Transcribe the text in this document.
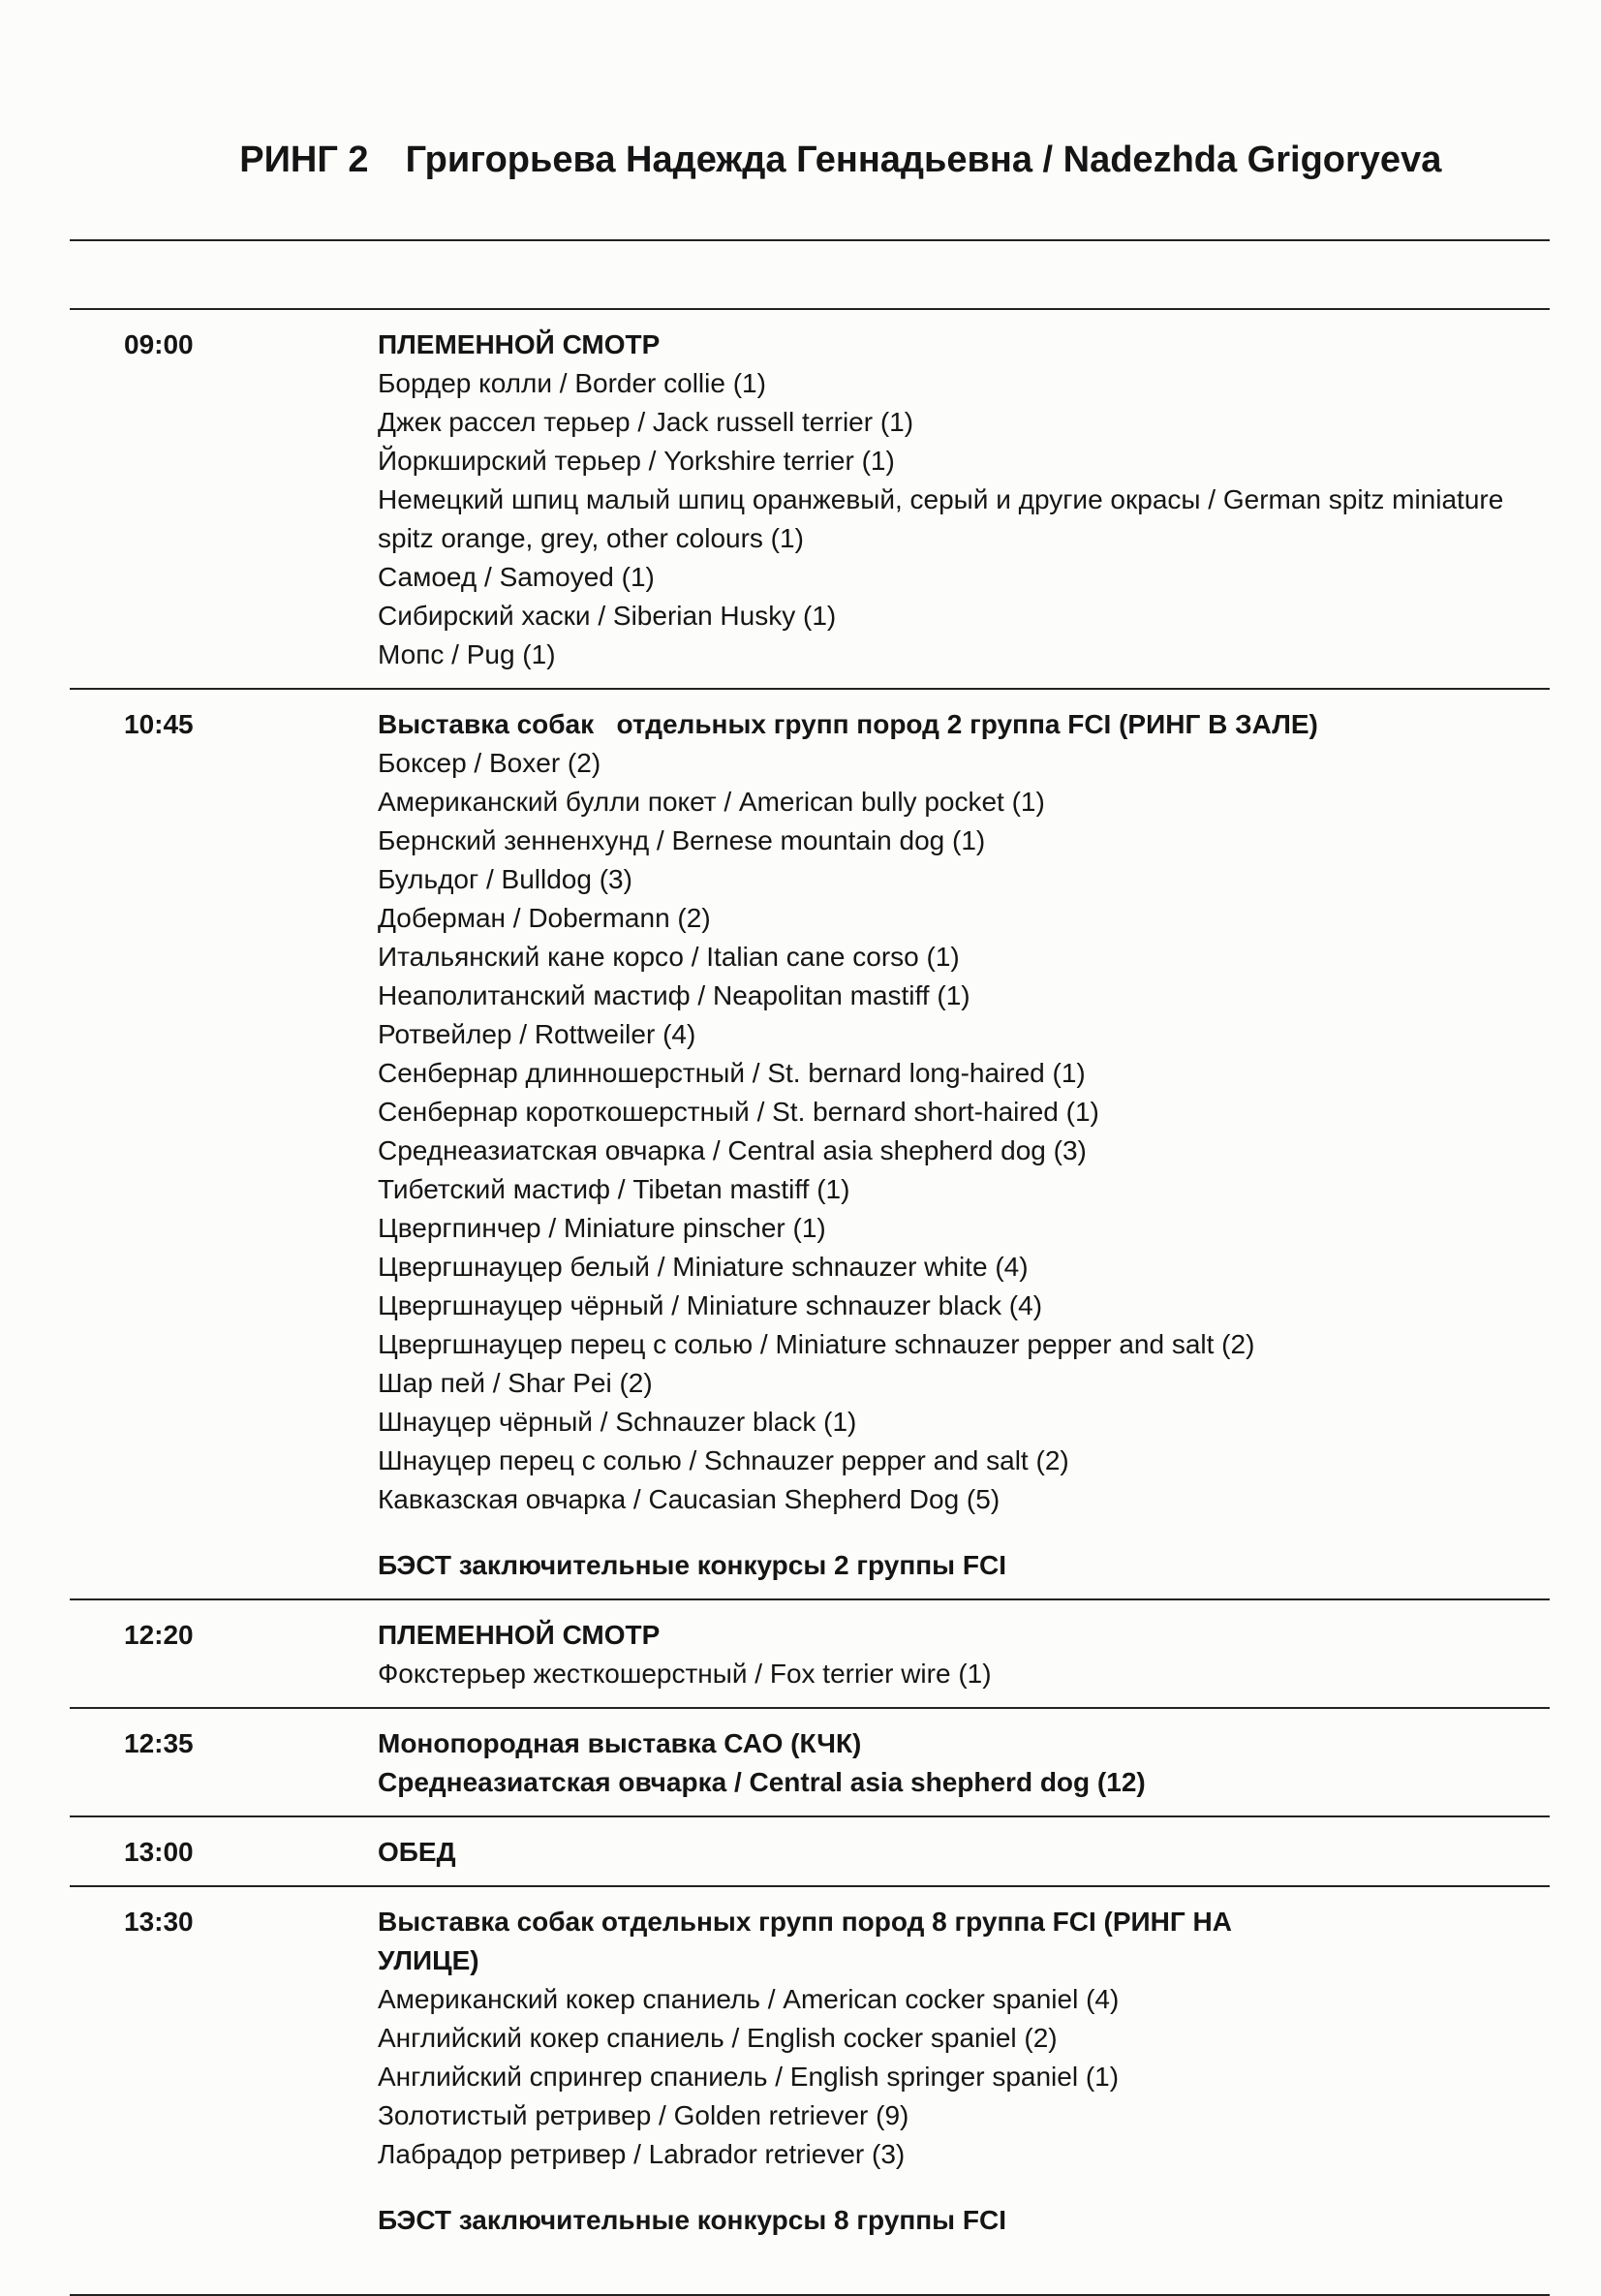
РИНГ 2 Григорьева Надежда Геннадьевна / Nadezhda Grigoryeva

09:00	ПЛЕМЕННОЙ СМОТР
Бордер колли / Border collie (1)
Джек рассел терьер / Jack russell terrier (1)
Йоркширский терьер / Yorkshire terrier (1)
Немецкий шпиц малый шпиц оранжевый, серый и другие окрасы / German spitz miniature spitz orange, grey, other colours (1)
Самоед / Samoyed (1)
Сибирский хаски / Siberian Husky (1)
Мопс / Pug (1)
10:45	Выставка собак   отдельных групп пород 2 группа FCI (РИНГ В ЗАЛЕ)
Боксер / Boxer (2)
Американский булли покет / American bully pocket (1)
Бернский зенненхунд / Bernese mountain dog (1)
Бульдог / Bulldog (3)
Доберман / Dobermann (2)
Итальянский кане корсо / Italian cane corso (1)
Неаполитанский мастиф / Neapolitan mastiff (1)
Ротвейлер / Rottweiler (4)
Сенбернар длинношерстный / St. bernard long-haired (1)
Сенбернар короткошерстный / St. bernard short-haired (1)
Среднеазиатская овчарка / Central asia shepherd dog (3)
Тибетский мастиф / Tibetan mastiff (1)
Цвергпинчер / Miniature pinscher (1)
Цвергшнауцер белый / Miniature schnauzer white (4)
Цвергшнауцер чёрный / Miniature schnauzer black (4)
Цвергшнауцер перец с солью / Miniature schnauzer pepper and salt (2)
Шар пей / Shar Pei (2)
Шнауцер чёрный / Schnauzer black (1)
Шнауцер перец с солью / Schnauzer pepper and salt (2)
Кавказская овчарка / Caucasian Shepherd Dog (5)
БЭСТ заключительные конкурсы 2 группы FCI
12:20	ПЛЕМЕННОЙ СМОТР
Фокстерьер жесткошерстный / Fox terrier wire (1)
12:35	Монопородная выставка САО (КЧК)
Среднеазиатская овчарка / Central asia shepherd dog (12)
13:00	ОБЕД
13:30	Выставка собак отдельных групп пород 8 группа FCI (РИНГ НА
УЛИЦЕ)
Американский кокер спаниель / American cocker spaniel (4)
Английский кокер спаниель / English cocker spaniel (2)
Английский спрингер спаниель / English springer spaniel (1)
Золотистый ретривер / Golden retriever (9)
Лабрадор ретривер / Labrador retriever (3)
БЭСТ заключительные конкурсы 8 группы FCI
